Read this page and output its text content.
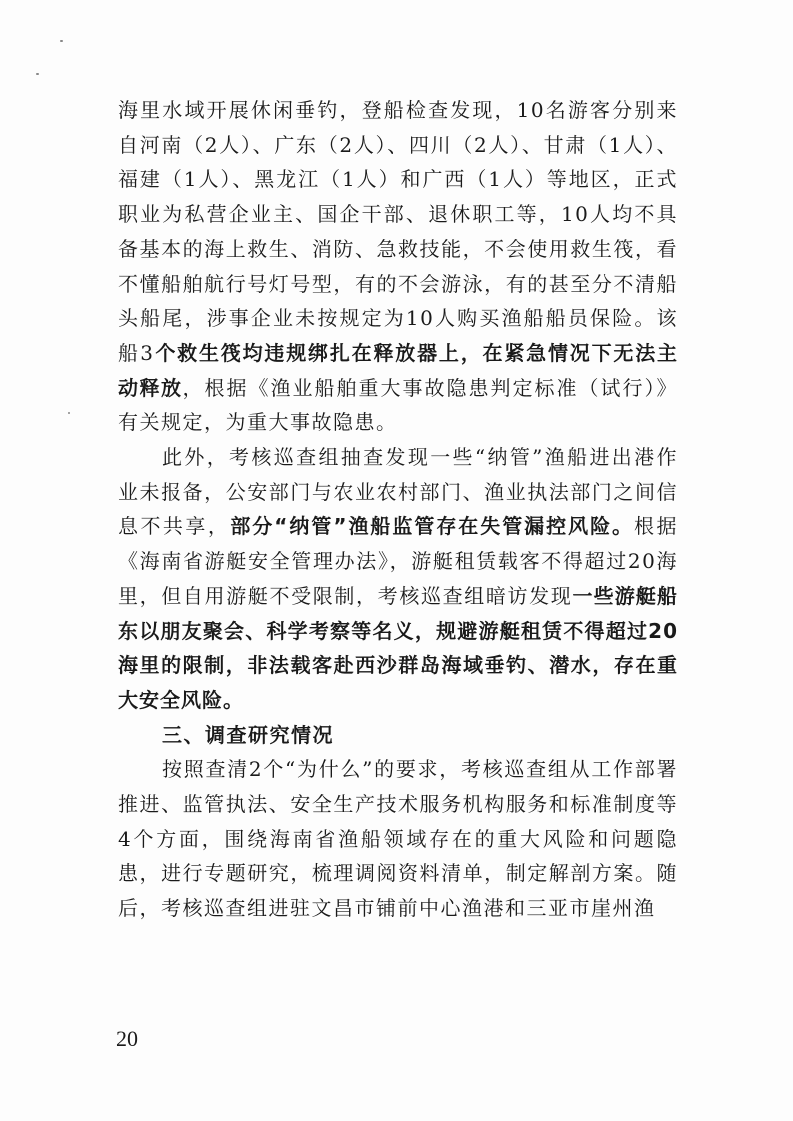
海里水域开展休闲垂钓，登船检查发现，10名游客分别来自河南（2人）、广东（2人）、四川（2人）、甘肃（1人）、福建（1人）、黑龙江（1人）和广西（1人）等地区，正式职业为私营企业主、国企干部、退休职工等，10人均不具备基本的海上救生、消防、急救技能，不会使用救生筏，看不懂船舶航行号灯号型，有的不会游泳，有的甚至分不清船头船尾，涉事企业未按规定为10人购买渔船船员保险。该船3个救生筏均违规绑扎在释放器上，在紧急情况下无法主动释放，根据《渔业船舶重大事故隐患判定标准（试行）》有关规定，为重大事故隐患。

此外，考核巡查组抽查发现一些“纳管”渔船进出港作业未报备，公安部门与农业农村部门、渔业执法部门之间信息不共享，部分“纳管”渔船监管存在失管漏控风险。根据《海南省游艇安全管理办法》，游艇租赁载客不得超过20海里，但自用游艇不受限制，考核巡查组暗访发现一些游艇船东以朋友聚会、科学考察等名义，规避游艇租赁不得超过20海里的限制，非法载客赴西沙群岛海域垂钓、潜水，存在重大安全风险。

三、调查研究情况

按照查清2个“为什么”的要求，考核巡查组从工作部署推进、监管执法、安全生产技术服务机构服务和标准制度等4个方面，围绕海南省渔船领域存在的重大风险和问题隐患，进行专题研究，梳理调阅资料清单，制定解剖方案。随后，考核巡查组进驻文昌市铺前中心渔港和三亚市崖州渔

20
